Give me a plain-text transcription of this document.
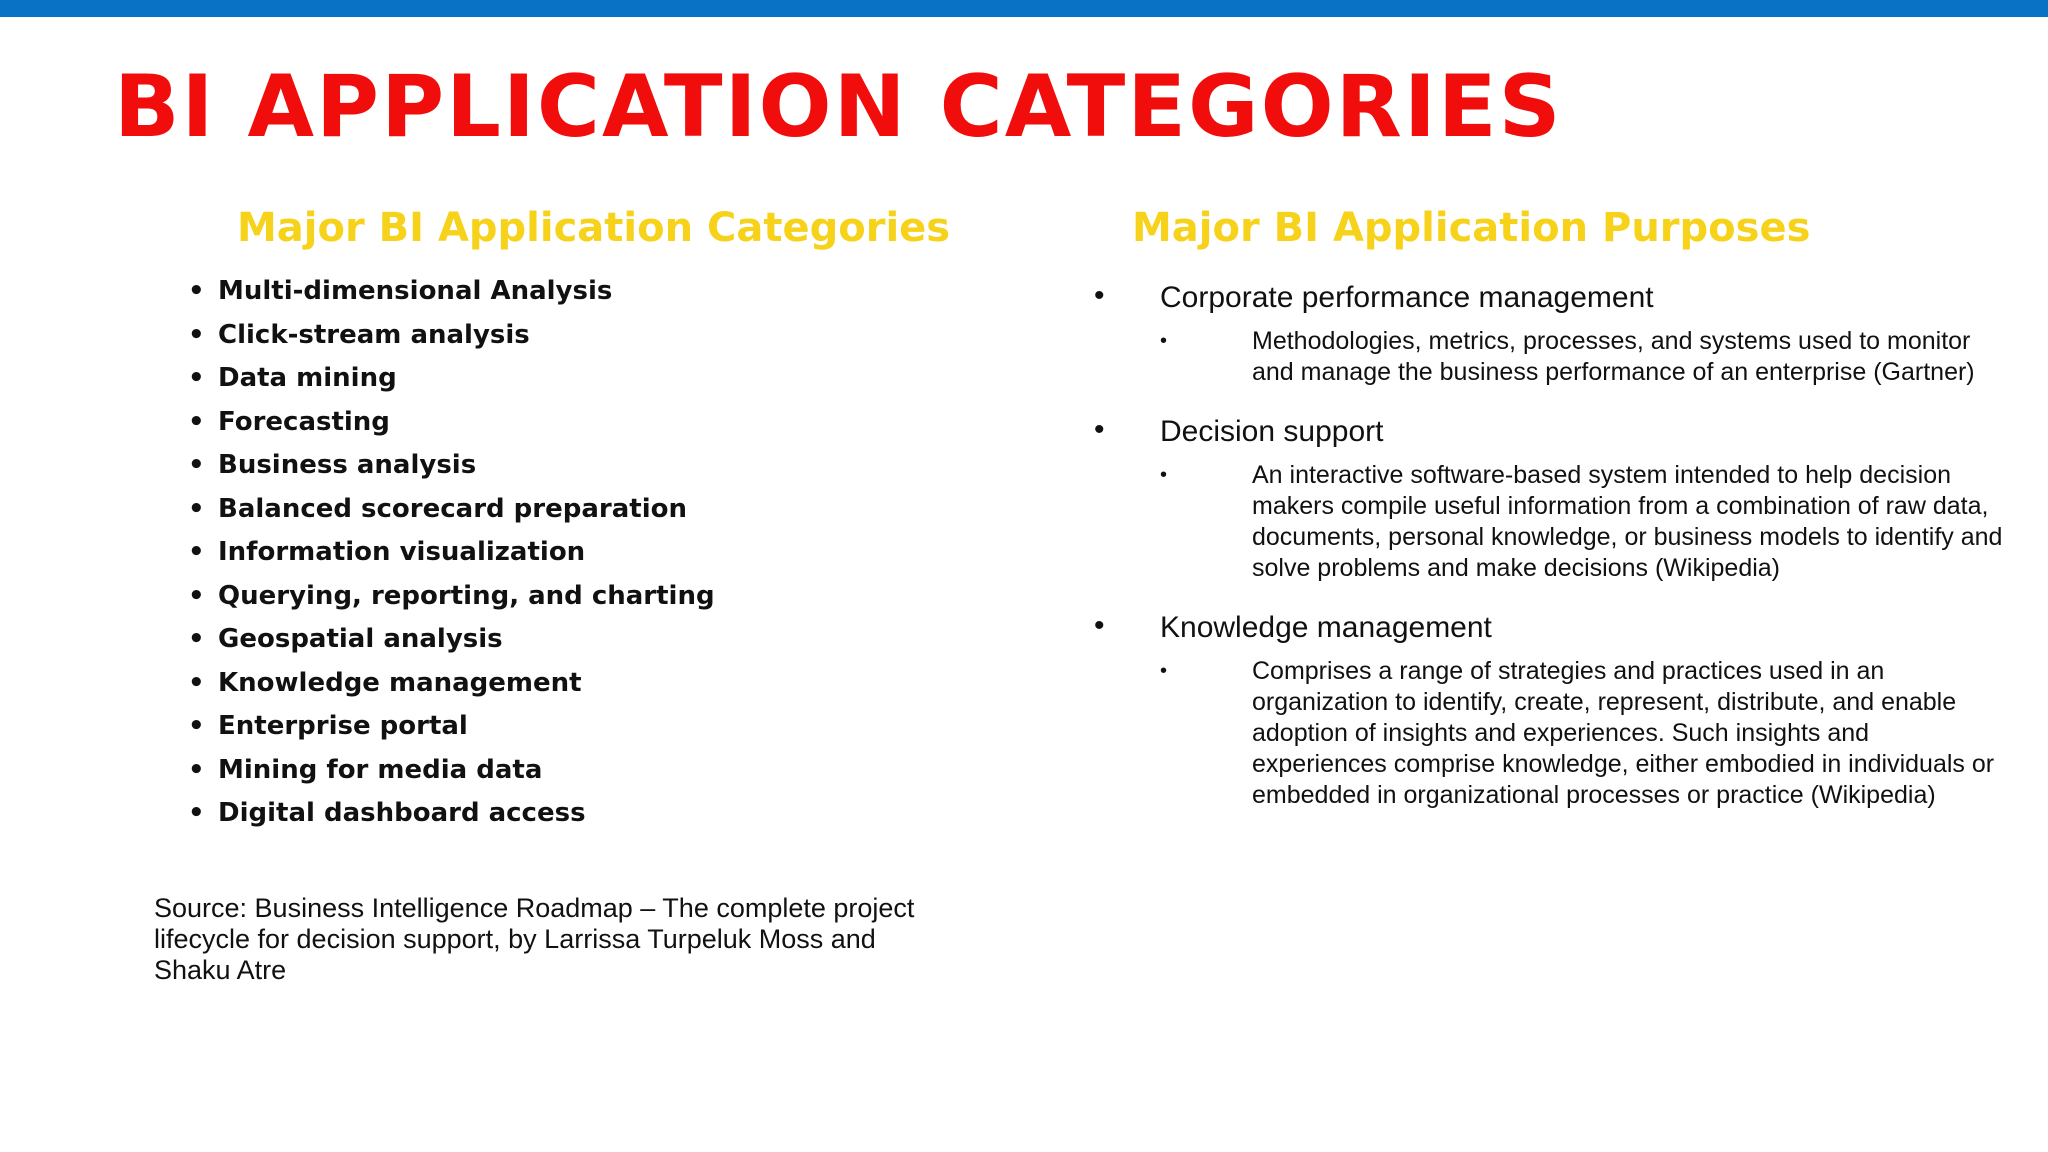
BI APPLICATION CATEGORIES
Major BI Application Categories	Major BI Application Purposes
• Multi-dimensional Analysis
• Click-stream analysis
• Data mining
• Forecasting
• Business analysis
• Balanced scorecard preparation
• Information visualization
• Querying, reporting, and charting
• Geospatial analysis
• Knowledge management
• Enterprise portal
• Mining for media data
• Digital dashboard access

Source: Business Intelligence Roadmap – The complete project lifecycle for decision support, by Larrissa Turpeluk Moss and Shaku Atre

• Corporate performance management
•	Methodologies, metrics, processes, and systems used to monitor and manage the business performance of an enterprise (Gartner)
• Decision support
•	An interactive software-based system intended to help decision makers compile useful information from a combination of raw data, documents, personal knowledge, or business models to identify and solve problems and make decisions (Wikipedia)
• Knowledge management
•	Comprises a range of strategies and practices used in an organization to identify, create, represent, distribute, and enable adoption of insights and experiences. Such insights and experiences comprise knowledge, either embodied in individuals or embedded in organizational processes or practice (Wikipedia)
